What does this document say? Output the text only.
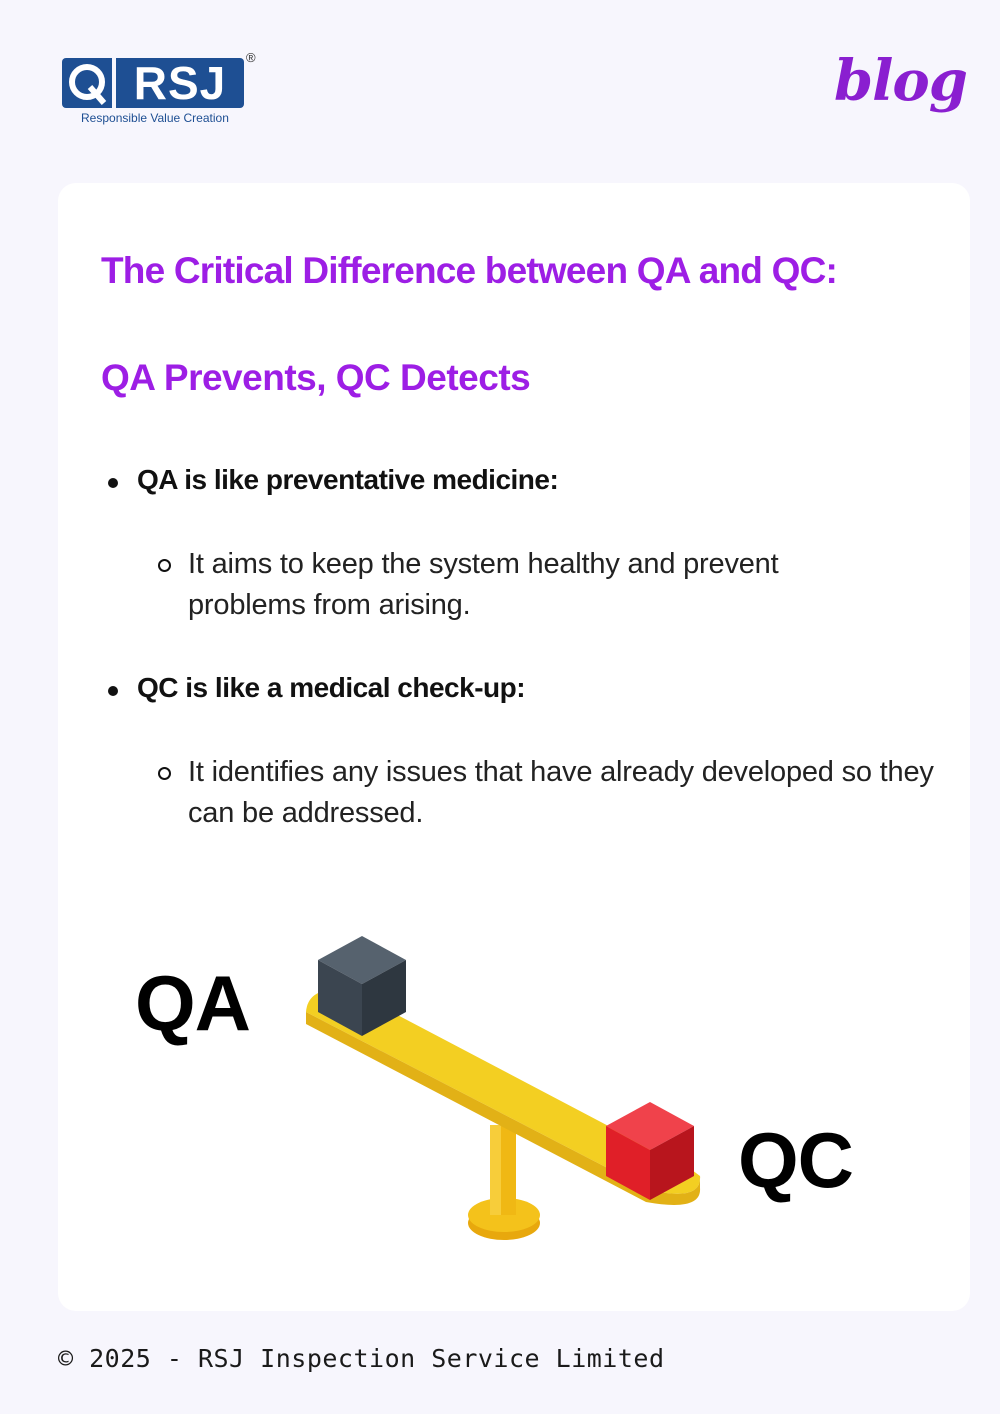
RSJ	®
Responsible Value Creation
blog
The Critical Difference between QA and QC:
QA Prevents, QC Detects
QA is like preventative medicine:
It aims to keep the system healthy and prevent problems from arising.
QC is like a medical check-up:
It identifies any issues that have already developed so they can be addressed.
QA
QC
© 2025 - RSJ Inspection Service Limited
